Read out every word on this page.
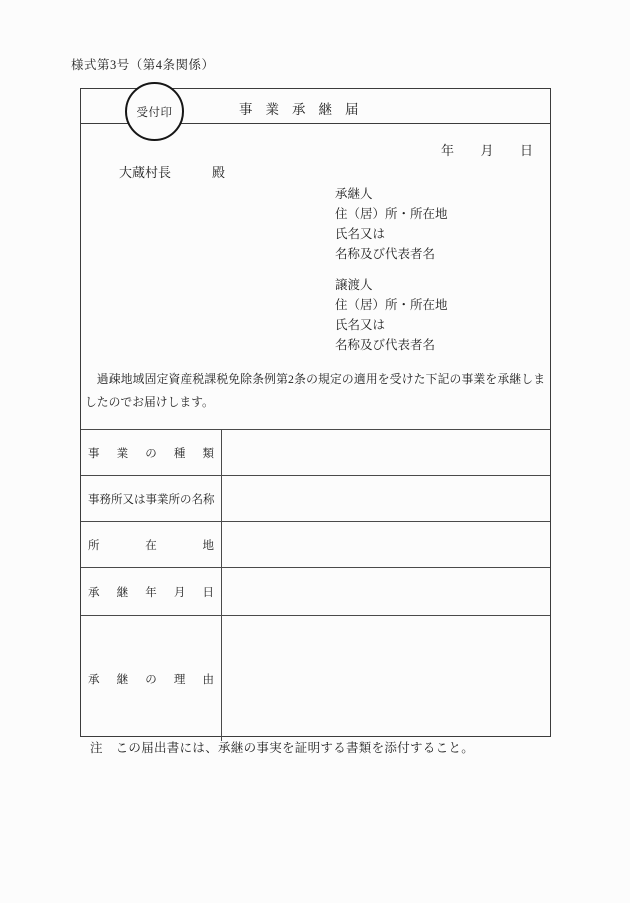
様式第3号（第4条関係）
受付印	事業承継届
年 月 日
大蔵村長	殿
承継人
住（居）所・所在地
氏名又は
名称及び代表者名
譲渡人
住（居）所・所在地
氏名又は
名称及び代表者名
過疎地域固定資産税課税免除条例第2条の規定の適用を受けた下記の事業を承継しましたのでお届けします。
事 業 の 種 類
事務所又は事業所の名称
所	在	地
承 継 年 月 日
承 継 の 理 由
注　この届出書には、承継の事実を証明する書類を添付すること。
